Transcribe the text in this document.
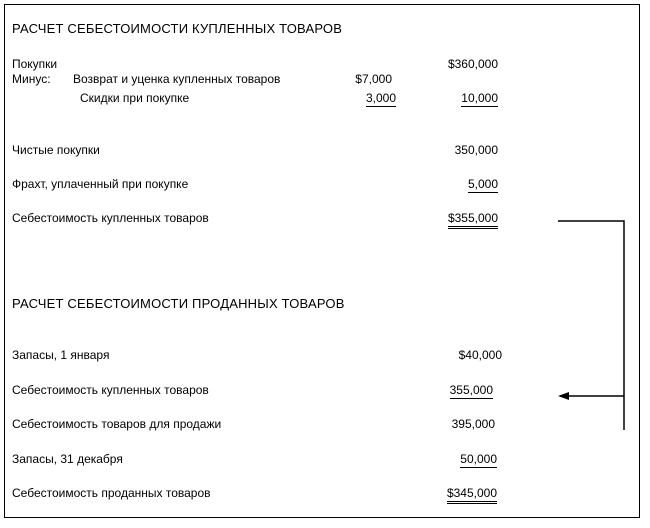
РАСЧЕТ СЕБЕСТОИМОСТИ КУПЛЕННЫХ ТОВАРОВ
Покупки	$360,000
Минус: Возврат и уценка купленных товаров	$7,000
Скидки при покупке	3,000	10,000
Чистые покупки	350,000
Фрахт, уплаченный при покупке	5,000
Себестоимость купленных товаров	$355,000
РАСЧЕТ СЕБЕСТОИМОСТИ ПРОДАННЫХ ТОВАРОВ
Запасы, 1 января	$40,000
Себестоимость купленных товаров	355,000
Себестоимость товаров для продажи	395,000
Запасы, 31 декабря	50,000
Себестоимость проданных товаров	$345,000
